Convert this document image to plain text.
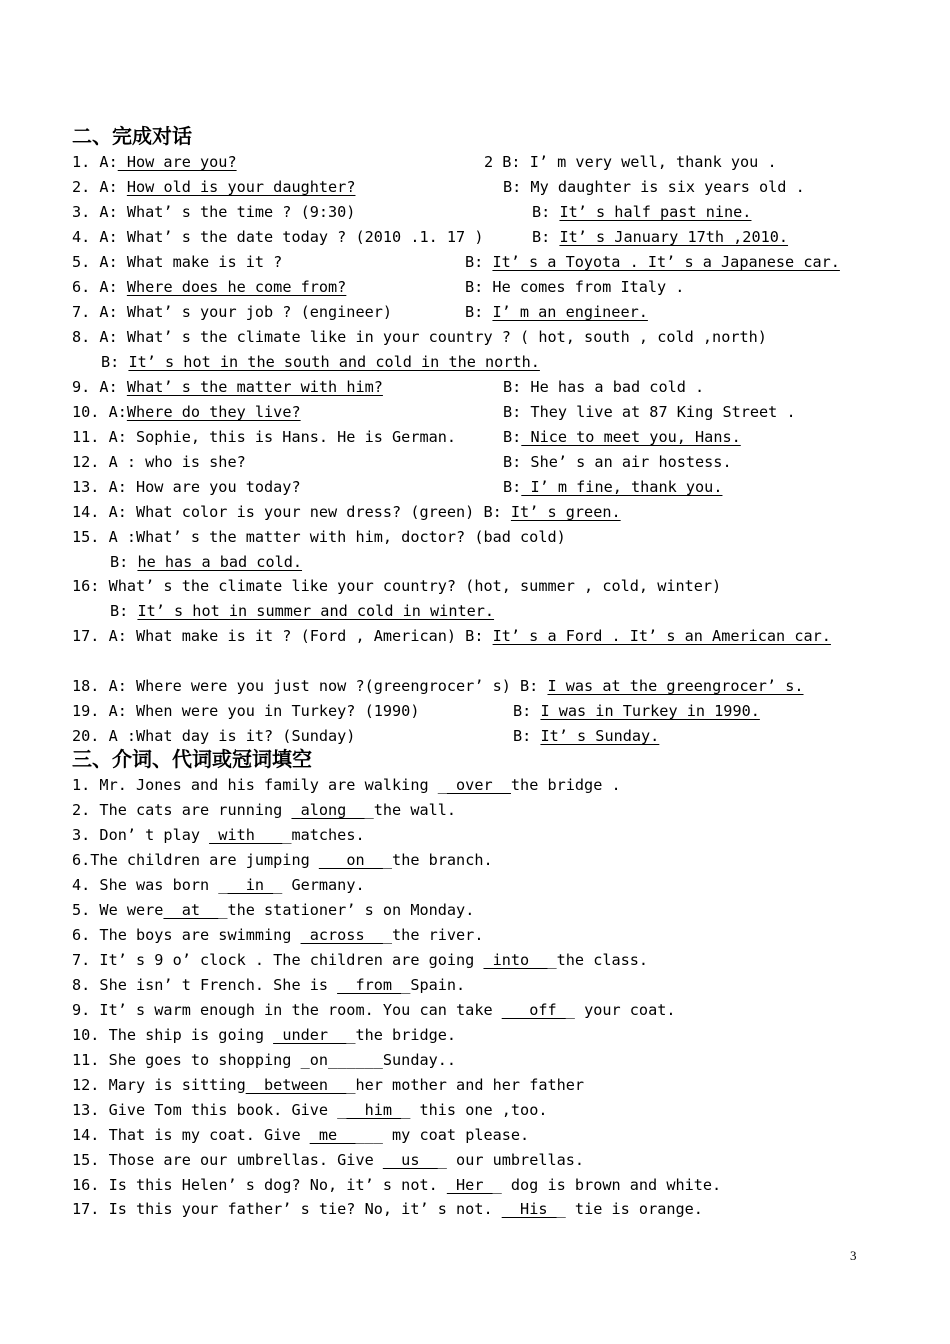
二、完成对话
1. A: How are you?	2 B: I’ m very well, thank you .
2. A: How old is your daughter?	B: My daughter is six years old .
3. A: What’ s the time ? (9:30)	B: It’ s half past nine.
4. A: What’ s the date today ? (2010 .1. 17 )	B: It’ s January 17th ,2010.
5. A: What make is it ?	B: It’ s a Toyota . It’ s a Japanese car.
6. A: Where does he come from?	B: He comes from Italy .
7. A: What’ s your job ? (engineer)	B: I’ m an engineer.
8. A: What’ s the climate like in your country ? ( hot, south , cold ,north)
B: It’ s hot in the south and cold in the north.
9. A: What’ s the matter with him?	B: He has a bad cold .
10. A:Where do they live?	B: They live at 87 King Street .
11. A: Sophie, this is Hans. He is German.	B: Nice to meet you, Hans.
12. A : who is she?	B: She’ s an air hostess.
13. A: How are you today?	B: I’ m fine, thank you.
14. A: What color is your new dress? (green) B: It’ s green.
15. A :What’ s the matter with him, doctor? (bad cold)
B: he has a bad cold.
16: What’ s the climate like your country? (hot, summer , cold, winter)
B: It’ s hot in summer and cold in winter.
17. A: What make is it ? (Ford , American) B: It’ s a Ford . It’ s an American car.
18. A: Where were you just now ?(greengrocer’ s) B: I was at the greengrocer’ s.
19. A: When were you in Turkey? (1990)	B: I was in Turkey in 1990.
20. A :What day is it? (Sunday)	B: It’ s Sunday.
三、介词、代词或冠词填空
1. Mr. Jones and his family are walking __over__the bridge .
2. The cats are running _along___the wall.
3. Don’ t play _with____matches.
6.The children are jumping ___on___the branch.
4. She was born __ in__ Germany.
5. We were__at___the stationer’ s on Monday.
6. The boys are swimming _across___the river.
7. It’ s 9 o’ clock . The children are going _into___the class.
8. She isn’ t French. She is _ from__Spain.
9. It’ s warm enough in the room. You can take ___off__ your coat.
10. The ship is going _under___the bridge.
11. She goes to shopping _on______Sunday..
12. Mary is sitting__between___her mother and her father
13. Give Tom this book. Give ___him__ this one ,too.
14. That is my coat. Give _me_____ my coat please.
15. Those are our umbrellas. Give __us___ our umbrellas.
16. Is this Helen’ s dog? No, it’ s not. _Her__ dog is brown and white.
17. Is this your father’ s tie? No, it’ s not. __His__ tie is orange.
3
